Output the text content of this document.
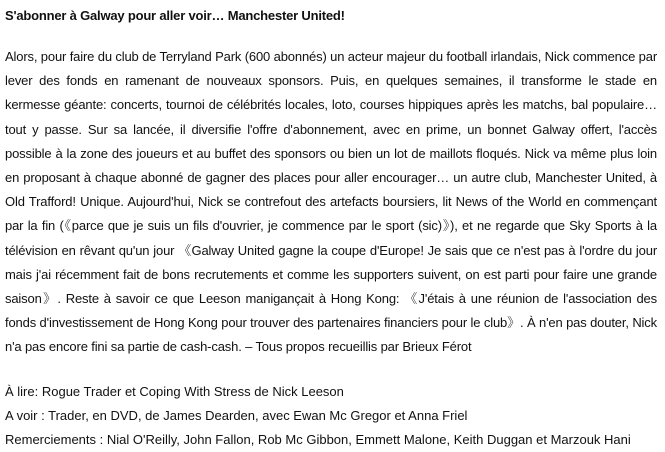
S'abonner à Galway pour aller voir… Manchester United!

Alors, pour faire du club de Terryland Park (600 abonnés) un acteur majeur du football irlandais, Nick commence par lever des fonds en ramenant de nouveaux sponsors. Puis, en quelques semaines, il transforme le stade en kermesse géante: concerts, tournoi de célébrités locales, loto, courses hippiques après les matchs, bal populaire… tout y passe. Sur sa lancée, il diversifie l'offre d'abonnement, avec en prime, un bonnet Galway offert, l'accès possible à la zone des joueurs et au buffet des sponsors ou bien un lot de maillots floqués. Nick va même plus loin en proposant à chaque abonné de gagner des places pour aller encourager… un autre club, Manchester United, à Old Trafford! Unique. Aujourd'hui, Nick se contrefout des artefacts boursiers, lit News of the World en commençant par la fin (《parce que je suis un fils d'ouvrier, je commence par le sport (sic)》), et ne regarde que Sky Sports à la télévision en rêvant qu'un jour 《Galway United gagne la coupe d'Europe! Je sais que ce n'est pas à l'ordre du jour mais j'ai récemment fait de bons recrutements et comme les supporters suivent, on est parti pour faire une grande saison》. Reste à savoir ce que Leeson manigançait à Hong Kong: 《J'étais à une réunion de l'association des fonds d'investissement de Hong Kong pour trouver des partenaires financiers pour le club》. À n'en pas douter, Nick n'a pas encore fini sa partie de cash-cash. – Tous propos recueillis par Brieux Férot

À lire: Rogue Trader et Coping With Stress de Nick Leeson
A voir : Trader, en DVD, de James Dearden, avec Ewan Mc Gregor et Anna Friel
Remerciements : Nial O'Reilly, John Fallon, Rob Mc Gibbon, Emmett Malone, Keith Duggan et Marzouk Hani
